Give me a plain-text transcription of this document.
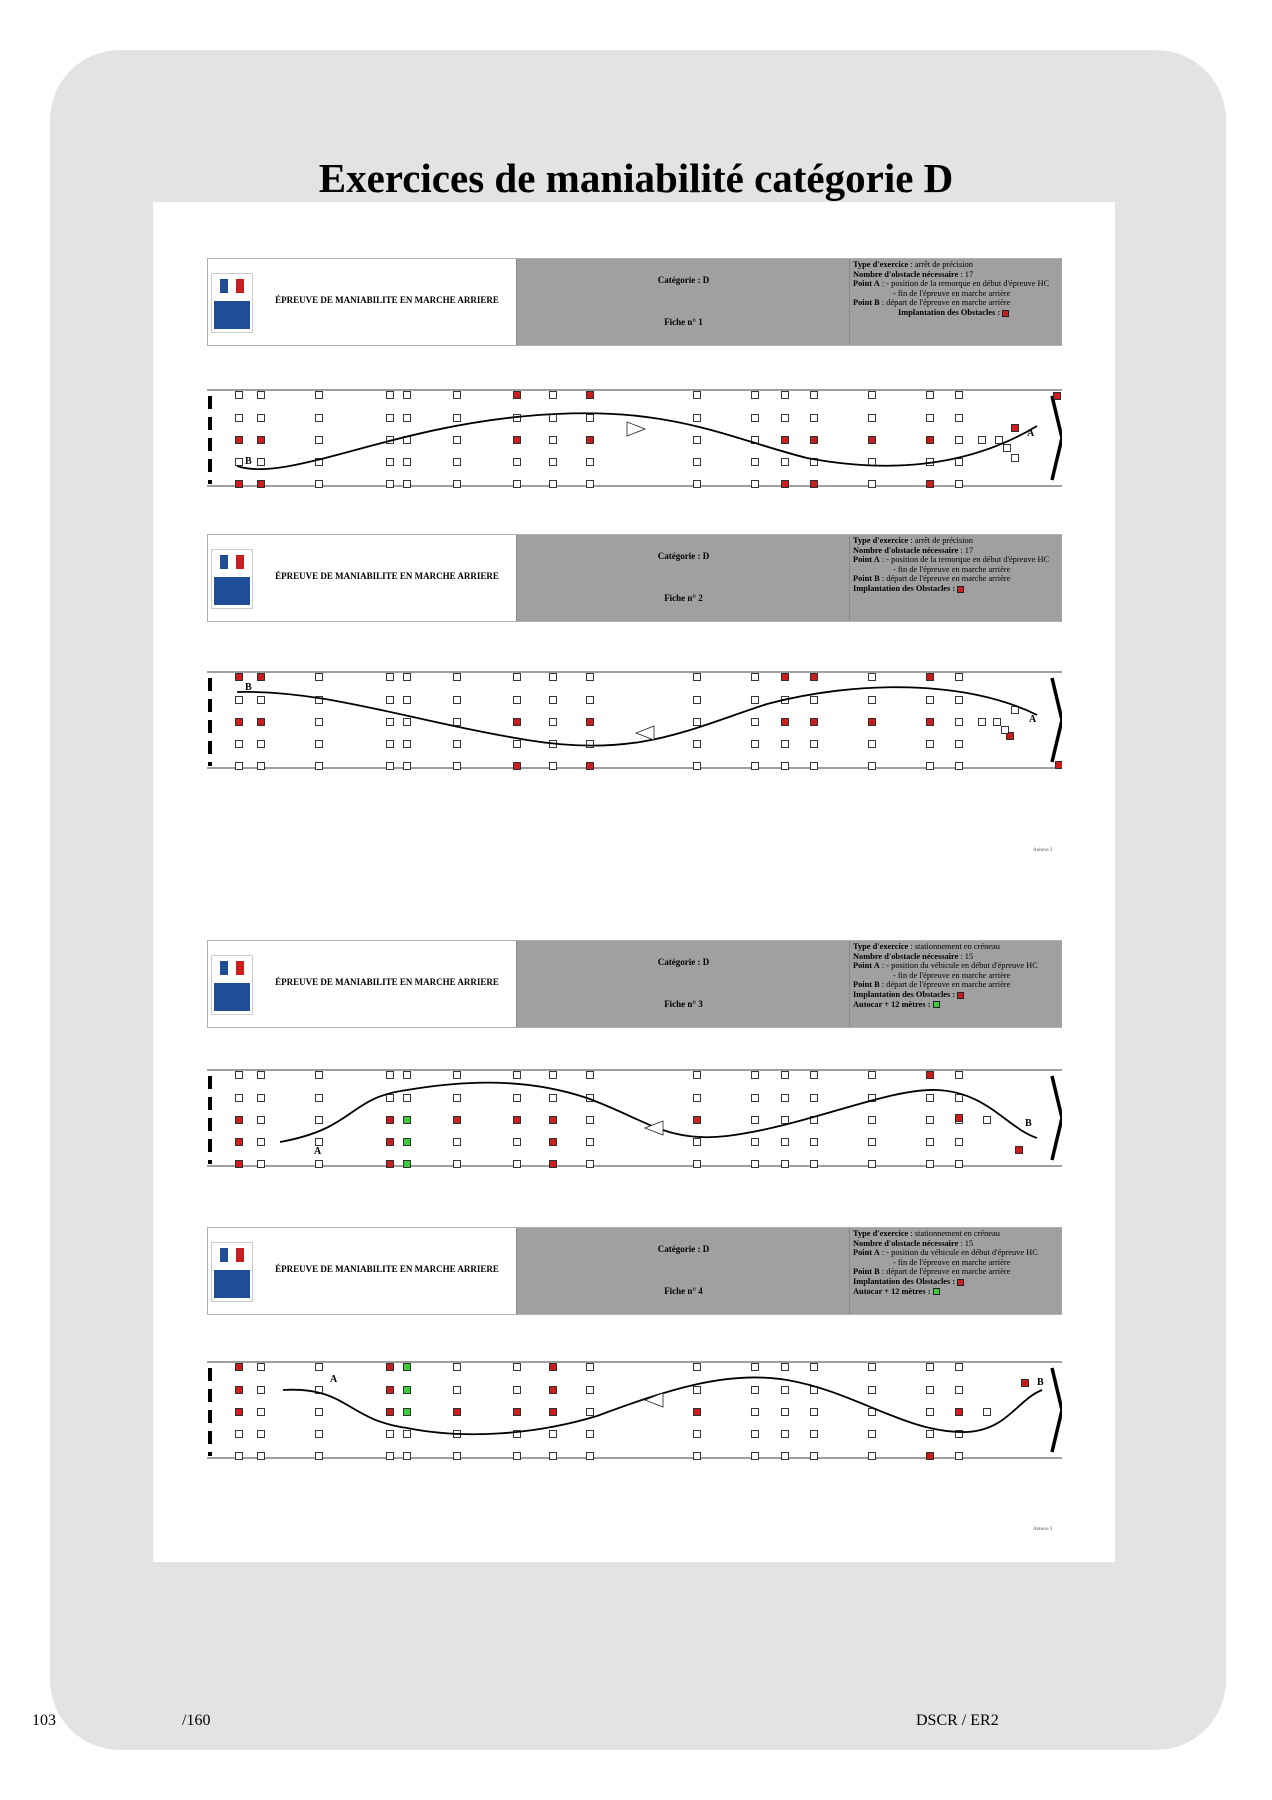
Exercices de maniabilité catégorie D
Annexe 3
Annexe 3
ÉPREUVE DE MANIABILITE EN MARCHE ARRIERE
Catégorie : D
Fiche n° 1
Type d'exercice : arrêt de précision
Nombre d'obstacle nécessaire : 17
Point A : - position de la remorque en début d'épreuve HC
- fin de l'épreuve en marche arrière
Point B : départ de l'épreuve en marche arrière
Implantation des Obstacles :
ÉPREUVE DE MANIABILITE EN MARCHE ARRIERE
Catégorie : D
Fiche n° 2
Type d'exercice : arrêt de précision
Nombre d'obstacle nécessaire : 17
Point A : - position de la remorque en début d'épreuve HC
- fin de l'épreuve en marche arrière
Point B : départ de l'épreuve en marche arrière
Implantation des Obstacles :
ÉPREUVE DE MANIABILITE EN MARCHE ARRIERE
Catégorie : D
Fiche n° 3
Type d'exercice : stationnement en créneau
Nombre d'obstacle nécessaire : 15
Point A : - position du véhicule en début d'épreuve HC
- fin de l'épreuve en marche arrière
Point B : départ de l'épreuve en marche arrière
Implantation des Obstacles :
Autocar + 12 mètres :
ÉPREUVE DE MANIABILITE EN MARCHE ARRIERE
Catégorie : D
Fiche n° 4
Type d'exercice : stationnement en créneau
Nombre d'obstacle nécessaire : 15
Point A : - position du véhicule en début d'épreuve HC
- fin de l'épreuve en marche arrière
Point B : départ de l'épreuve en marche arrière
Implantation des Obstacles :
Autocar + 12 mètres :
B
A
B
A
A
B
A	B
103	/160	DSCR / ER2
